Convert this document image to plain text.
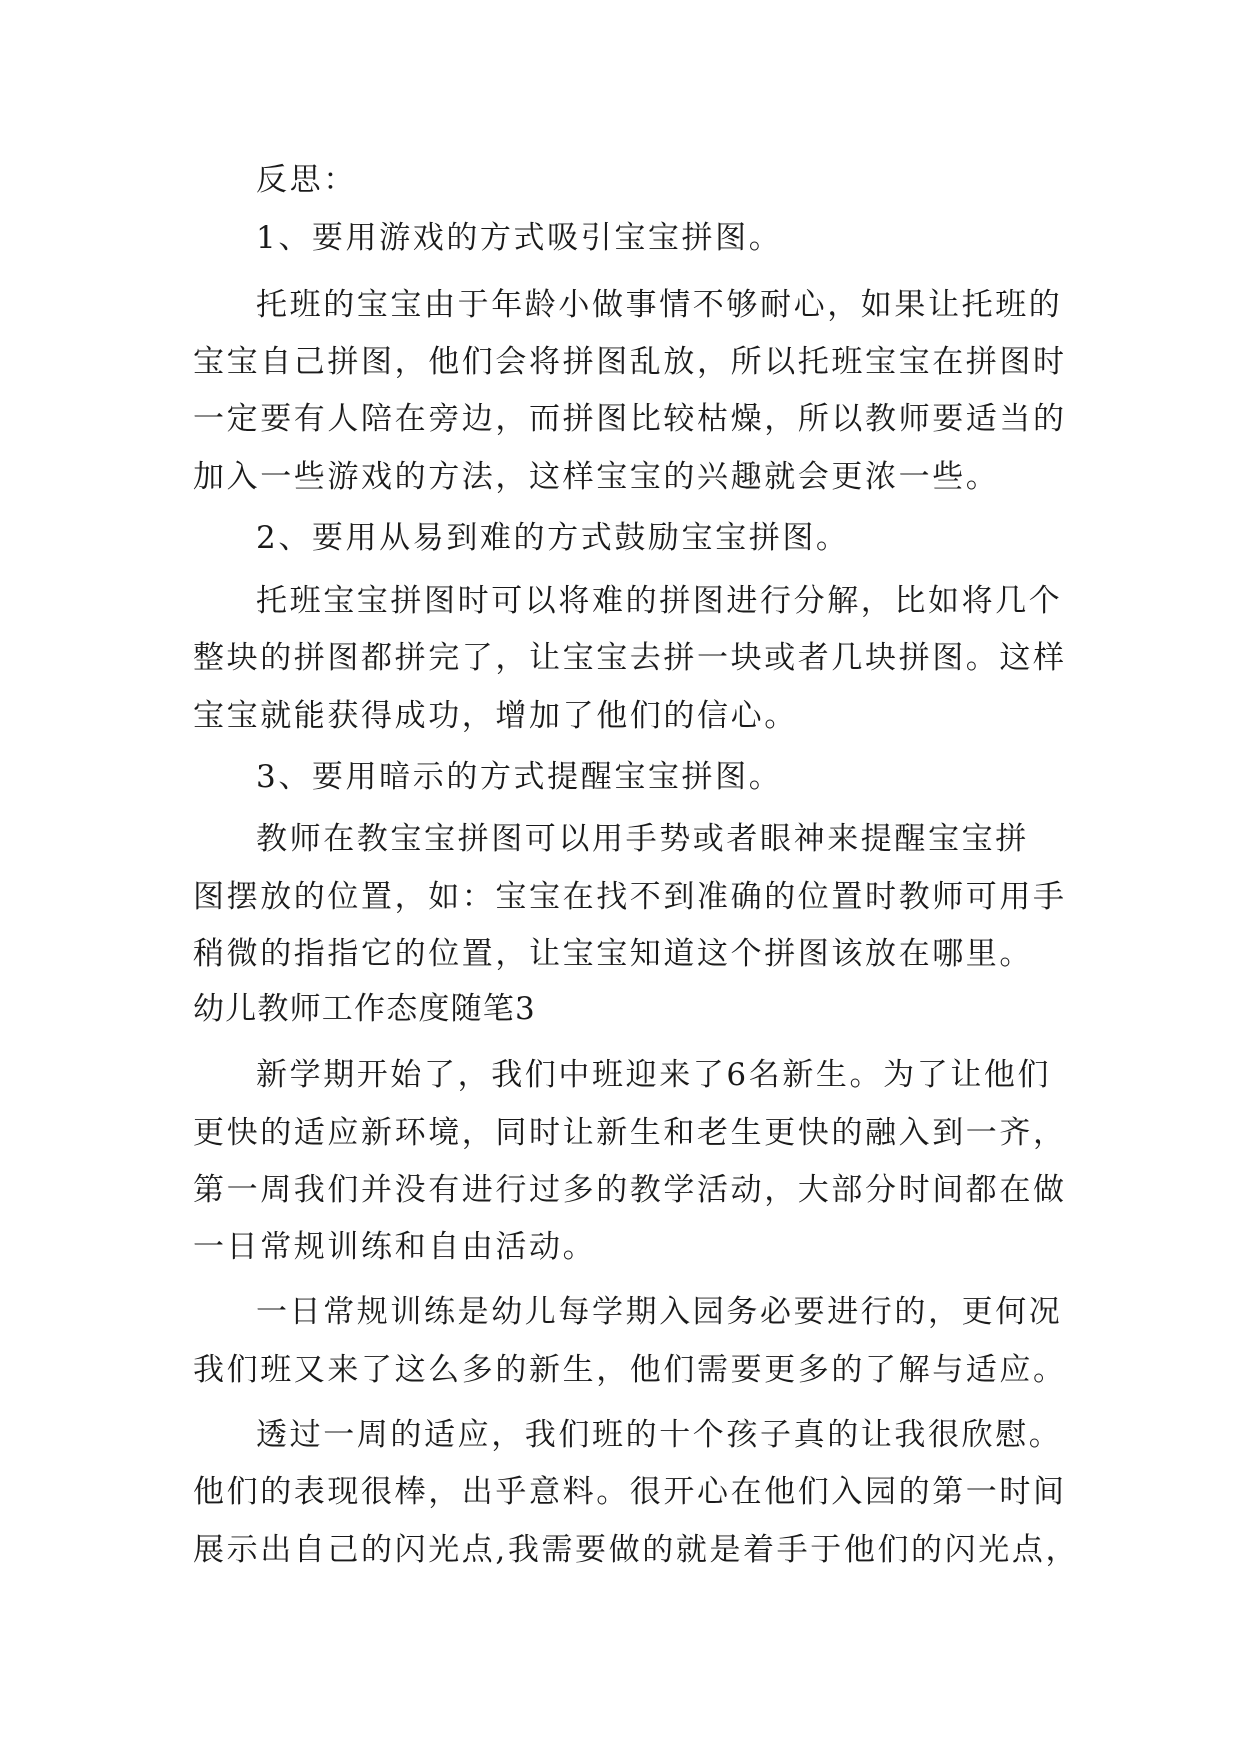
反思：
1、要用游戏的方式吸引宝宝拼图。
托班的宝宝由于年龄小做事情不够耐心，如果让托班的
宝宝自己拼图，他们会将拼图乱放，所以托班宝宝在拼图时
一定要有人陪在旁边，而拼图比较枯燥，所以教师要适当的
加入一些游戏的方法，这样宝宝的兴趣就会更浓一些。
2、要用从易到难的方式鼓励宝宝拼图。
托班宝宝拼图时可以将难的拼图进行分解，比如将几个
整块的拼图都拼完了，让宝宝去拼一块或者几块拼图。这样
宝宝就能获得成功，增加了他们的信心。
3、要用暗示的方式提醒宝宝拼图。
教师在教宝宝拼图可以用手势或者眼神来提醒宝宝拼
图摆放的位置，如：宝宝在找不到准确的位置时教师可用手
稍微的指指它的位置，让宝宝知道这个拼图该放在哪里。
幼儿教师工作态度随笔3
新学期开始了，我们中班迎来了6名新生。为了让他们
更快的适应新环境，同时让新生和老生更快的融入到一齐，
第一周我们并没有进行过多的教学活动，大部分时间都在做
一日常规训练和自由活动。
一日常规训练是幼儿每学期入园务必要进行的，更何况
我们班又来了这么多的新生，他们需要更多的了解与适应。
透过一周的适应，我们班的十个孩子真的让我很欣慰。
他们的表现很棒，出乎意料。很开心在他们入园的第一时间
展示出自己的闪光点,我需要做的就是着手于他们的闪光点，
